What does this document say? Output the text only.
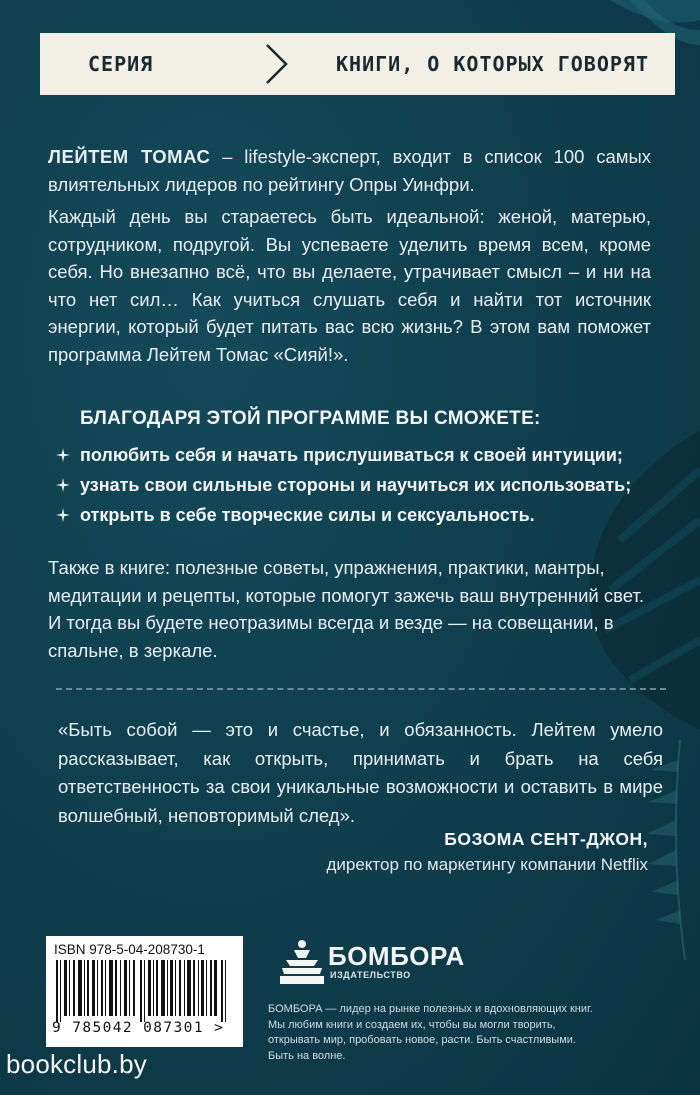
СЕРИЯ	КНИГИ, О КОТОРЫХ ГОВОРЯТ
ЛЕЙТЕМ ТОМАС – lifestyle-эксперт, входит в список 100 самых влиятельных лидеров по рейтингу Опры Уинфри.
Каждый день вы стараетесь быть идеальной: женой, матерью, сотрудником, подругой. Вы успеваете уделить время всем, кроме себя. Но внезапно всё, что вы делаете, утрачивает смысл – и ни на что нет сил… Как учиться слушать себя и найти тот источник энергии, который будет питать вас всю жизнь? В этом вам поможет программа Лейтем Томас «Сияй!».
БЛАГОДАРЯ ЭТОЙ ПРОГРАММЕ ВЫ СМОЖЕТЕ:
полюбить себя и начать прислушиваться к своей интуиции;
узнать свои сильные стороны и научиться их использовать;
открыть в себе творческие силы и сексуальность.
Также в книге: полезные советы, упражнения, практики, мантры, медитации и рецепты, которые помогут зажечь ваш внутренний свет. И тогда вы будете неотразимы всегда и везде — на совещании, в спальне, в зеркале.
«Быть собой — это и счастье, и обязанность. Лейтем умело рассказывает, как открыть, принимать и брать на себя ответственность за свои уникальные возможности и оставить в мире волшебный, неповторимый след».
БОЗОМА СЕНТ-ДЖОН,
директор по маркетингу компании Netflix
ISBN 978-5-04-208730-1
9 785042 087301 >
БОМБОРА
ИЗДАТЕЛЬСТВО
БОМБОРА — лидер на рынке полезных и вдохновляющих книг. Мы любим книги и создаем их, чтобы вы могли творить, открывать мир, пробовать новое, расти. Быть счастливыми. Быть на волне.
bookclub.by
